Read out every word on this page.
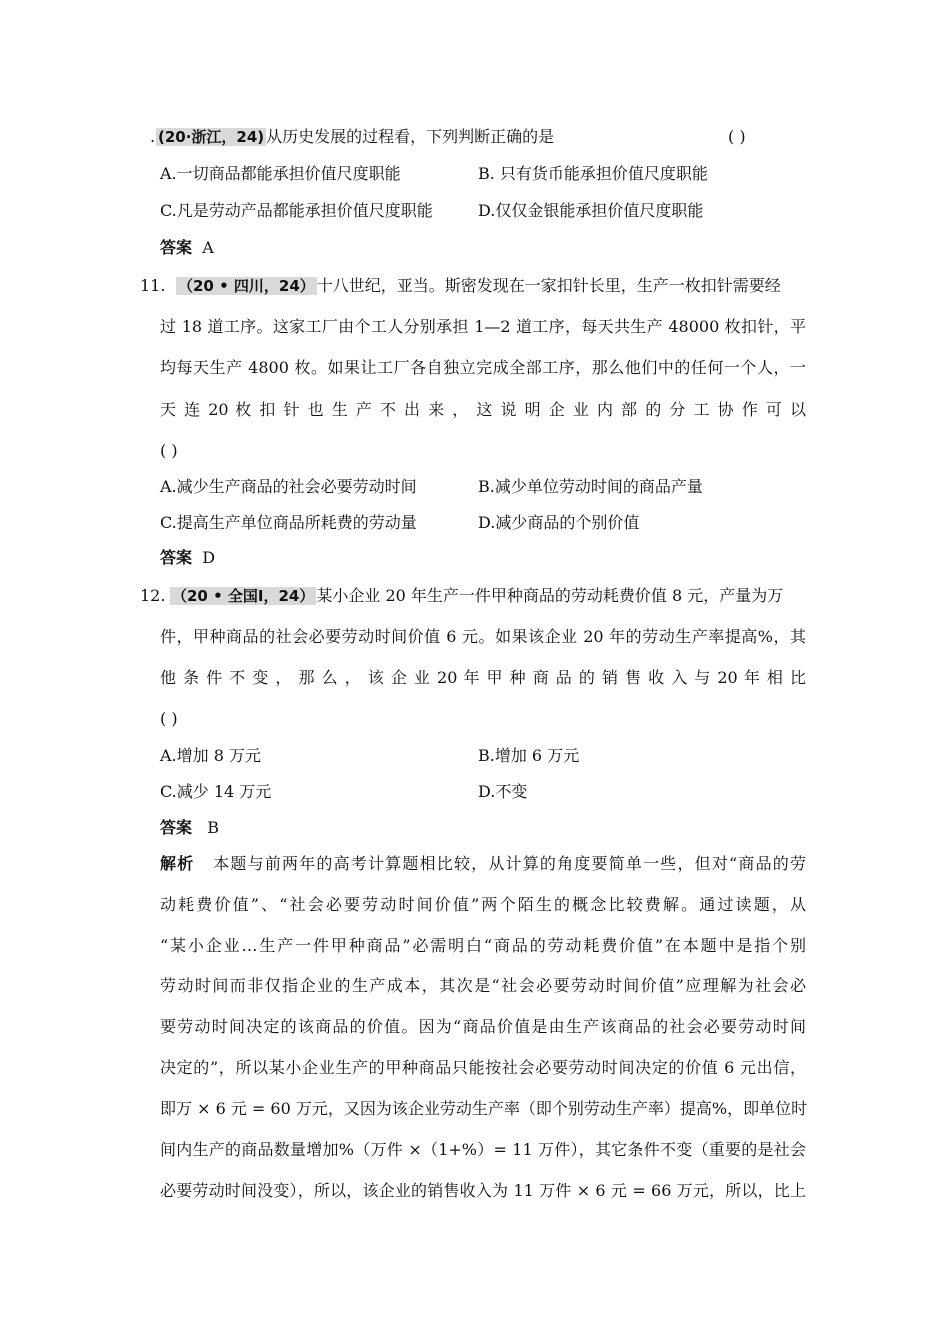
. (20·浙江，24) 从历史发展的过程看，下列判断正确的是	( )
A.一切商品都能承担价值尺度职能	B. 只有货币能承担价值尺度职能
C.凡是劳动产品都能承担价值尺度职能	D.仅仅金银能承担价值尺度职能
答案 A
11. （20 • 四川，24） 十八世纪，亚当。斯密发现在一家扣针长里，生产一枚扣针需要经
过 18 道工序。这家工厂由个工人分别承担 1—2 道工序，每天共生产 48000 枚扣针，平
均每天生产 4800 枚。如果让工厂各自独立完成全部工序，那么他们中的任何一个人，一
天 连 20 枚 扣 针 也 生 产 不 出 来 ， 这 说 明 企 业 内 部 的 分 工 协 作 可 以
( )
A.减少生产商品的社会必要劳动时间	B.减少单位劳动时间的商品产量
C.提高生产单位商品所耗费的劳动量	D.减少商品的个别价值
答案 D
12. （20 • 全国Ⅰ，24） 某小企业 20 年生产一件甲种商品的劳动耗费价值 8 元，产量为万
件，甲种商品的社会必要劳动时间价值 6 元。如果该企业 20 年的劳动生产率提高%，其
他 条 件 不 变 ， 那 么 ， 该 企 业 20 年 甲 种 商 品 的 销 售 收 入 与 20 年 相 比
( )
A.增加 8 万元	B.增加 6 万元
C.减少 14 万元	D.不变
答案 B
解析 本题与前两年的高考计算题相比较，从计算的角度要简单一些，但对“商品的劳
动耗费价值”、“社会必要劳动时间价值”两个陌生的概念比较费解。通过读题，从
“某小企业…生产一件甲种商品”必需明白“商品的劳动耗费价值”在本题中是指个别
劳动时间而非仅指企业的生产成本，其次是“社会必要劳动时间价值”应理解为社会必
要劳动时间决定的该商品的价值。因为“商品价值是由生产该商品的社会必要劳动时间
决定的”，所以某小企业生产的甲种商品只能按社会必要劳动时间决定的价值 6 元出信，
即万 × 6 元 = 60 万元，又因为该企业劳动生产率（即个别劳动生产率）提高%，即单位时
间内生产的商品数量增加%（万件 ×（1+%）= 11 万件），其它条件不变（重要的是社会
必要劳动时间没变），所以，该企业的销售收入为 11 万件 × 6 元 = 66 万元，所以，比上
